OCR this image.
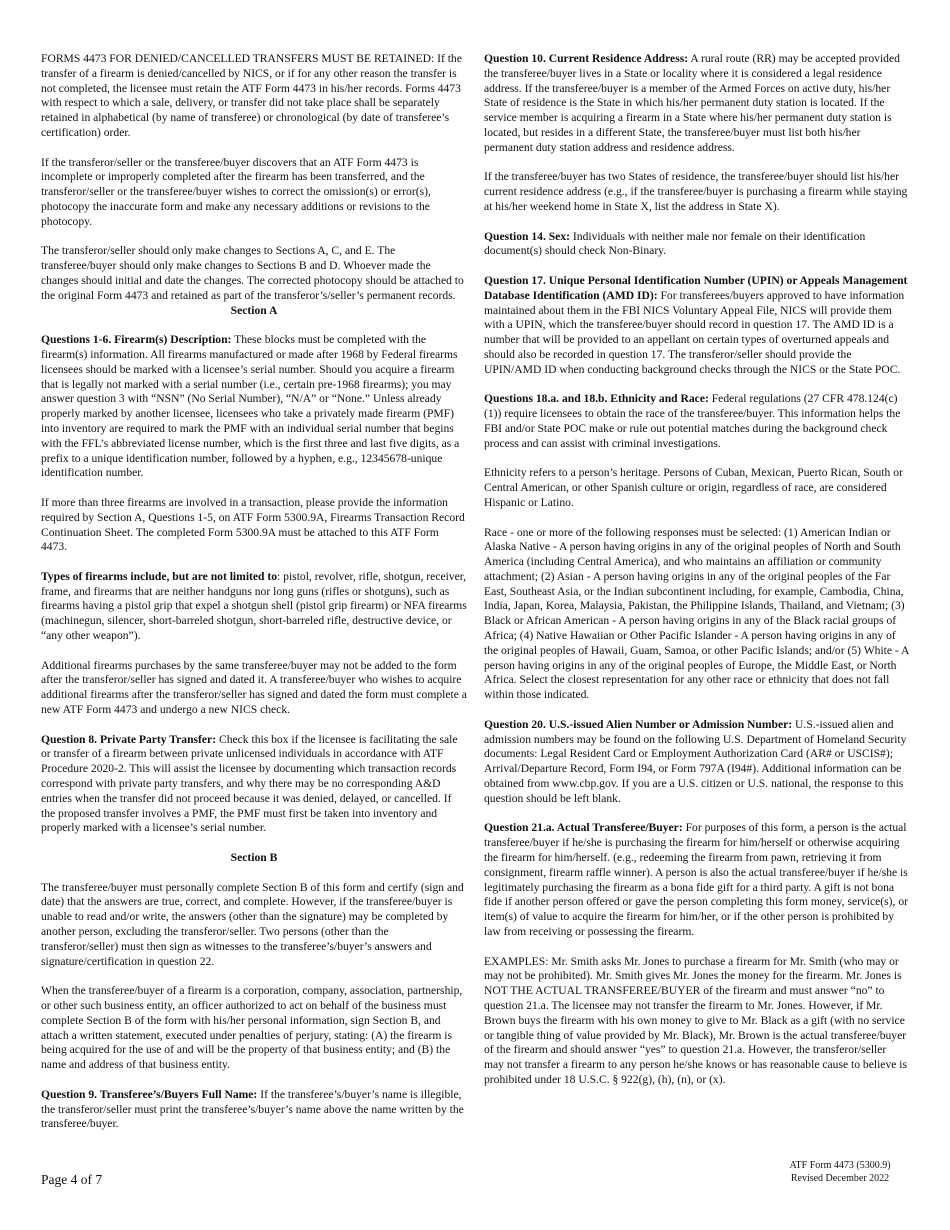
FORMS 4473 FOR DENIED/CANCELLED TRANSFERS MUST BE RETAINED: If the transfer of a firearm is denied/cancelled by NICS, or if for any other reason the transfer is not completed, the licensee must retain the ATF Form 4473 in his/her records. Forms 4473 with respect to which a sale, delivery, or transfer did not take place shall be separately retained in alphabetical (by name of transferee) or chronological (by date of transferee’s certification) order.

If the transferor/seller or the transferee/buyer discovers that an ATF Form 4473 is incomplete or improperly completed after the firearm has been transferred, and the transferor/seller or the transferee/buyer wishes to correct the omission(s) or error(s), photocopy the inaccurate form and make any necessary additions or revisions to the photocopy.

The transferor/seller should only make changes to Sections A, C, and E. The transferee/buyer should only make changes to Sections B and D. Whoever made the changes should initial and date the changes. The corrected photocopy should be attached to the original Form 4473 and retained as part of the transferor’s/seller’s permanent records.

Section A

Questions 1-6. Firearm(s) Description: These blocks must be completed with the firearm(s) information. All firearms manufactured or made after 1968 by Federal firearms licensees should be marked with a licensee’s serial number. Should you acquire a firearm that is legally not marked with a serial number (i.e., certain pre-1968 firearms); you may answer question 3 with “NSN” (No Serial Number), “N/A” or “None.” Unless already properly marked by another licensee, licensees who take a privately made firearm (PMF) into inventory are required to mark the PMF with an individual serial number that begins with the FFL’s abbreviated license number, which is the first three and last five digits, as a prefix to a unique identification number, followed by a hyphen, e.g., 12345678-unique identification number.

If more than three firearms are involved in a transaction, please provide the information required by Section A, Questions 1-5, on ATF Form 5300.9A, Firearms Transaction Record Continuation Sheet. The completed Form 5300.9A must be attached to this ATF Form 4473.

Types of firearms include, but are not limited to: pistol, revolver, rifle, shotgun, receiver, frame, and firearms that are neither handguns nor long guns (rifles or shotguns), such as firearms having a pistol grip that expel a shotgun shell (pistol grip firearm) or NFA firearms (machinegun, silencer, short-barreled shotgun, short-barreled rifle, destructive device, or “any other weapon”).

Additional firearms purchases by the same transferee/buyer may not be added to the form after the transferor/seller has signed and dated it. A transferee/buyer who wishes to acquire additional firearms after the transferor/seller has signed and dated the form must complete a new ATF Form 4473 and undergo a new NICS check.

Question 8. Private Party Transfer: Check this box if the licensee is facilitating the sale or transfer of a firearm between private unlicensed individuals in accordance with ATF Procedure 2020-2. This will assist the licensee by documenting which transaction records correspond with private party transfers, and why there may be no corresponding A&D entries when the transfer did not proceed because it was denied, delayed, or cancelled. If the proposed transfer involves a PMF, the PMF must first be taken into inventory and properly marked with a licensee’s serial number.

Section B

The transferee/buyer must personally complete Section B of this form and certify (sign and date) that the answers are true, correct, and complete. However, if the transferee/buyer is unable to read and/or write, the answers (other than the signature) may be completed by another person, excluding the transferor/seller. Two persons (other than the transferor/seller) must then sign as witnesses to the transferee’s/buyer’s answers and signature/certification in question 22.

When the transferee/buyer of a firearm is a corporation, company, association, partnership, or other such business entity, an officer authorized to act on behalf of the business must complete Section B of the form with his/her personal information, sign Section B, and attach a written statement, executed under penalties of perjury, stating: (A) the firearm is being acquired for the use of and will be the property of that business entity; and (B) the name and address of that business entity.

Question 9. Transferee’s/Buyers Full Name: If the transferee’s/buyer’s name is illegible, the transferor/seller must print the transferee’s/buyer’s name above the name written by the transferee/buyer.

Question 10. Current Residence Address: A rural route (RR) may be accepted provided the transferee/buyer lives in a State or locality where it is considered a legal residence address. If the transferee/buyer is a member of the Armed Forces on active duty, his/her State of residence is the State in which his/her permanent duty station is located. If the service member is acquiring a firearm in a State where his/her permanent duty station is located, but resides in a different State, the transferee/buyer must list both his/her permanent duty station address and residence address.

If the transferee/buyer has two States of residence, the transferee/buyer should list his/her current residence address (e.g., if the transferee/buyer is purchasing a firearm while staying at his/her weekend home in State X, list the address in State X).

Question 14. Sex: Individuals with neither male nor female on their identification document(s) should check Non-Binary.

Question 17. Unique Personal Identification Number (UPIN) or Appeals Management Database Identification (AMD ID): For transferees/buyers approved to have information maintained about them in the FBI NICS Voluntary Appeal File, NICS will provide them with a UPIN, which the transferee/buyer should record in question 17. The AMD ID is a number that will be provided to an appellant on certain types of overturned appeals and should also be recorded in question 17. The transferor/seller should provide the UPIN/AMD ID when conducting background checks through the NICS or the State POC.

Questions 18.a. and 18.b. Ethnicity and Race: Federal regulations (27 CFR 478.124(c)(1)) require licensees to obtain the race of the transferee/buyer. This information helps the FBI and/or State POC make or rule out potential matches during the background check process and can assist with criminal investigations.

Ethnicity refers to a person’s heritage. Persons of Cuban, Mexican, Puerto Rican, South or Central American, or other Spanish culture or origin, regardless of race, are considered Hispanic or Latino.

Race - one or more of the following responses must be selected: (1) American Indian or Alaska Native - A person having origins in any of the original peoples of North and South America (including Central America), and who maintains an affiliation or community attachment; (2) Asian - A person having origins in any of the original peoples of the Far East, Southeast Asia, or the Indian subcontinent including, for example, Cambodia, China, India, Japan, Korea, Malaysia, Pakistan, the Philippine Islands, Thailand, and Vietnam; (3) Black or African American - A person having origins in any of the Black racial groups of Africa; (4) Native Hawaiian or Other Pacific Islander - A person having origins in any of the original peoples of Hawaii, Guam, Samoa, or other Pacific Islands; and/or (5) White - A person having origins in any of the original peoples of Europe, the Middle East, or North Africa. Select the closest representation for any other race or ethnicity that does not fall within those indicated.

Question 20. U.S.-issued Alien Number or Admission Number: U.S.-issued alien and admission numbers may be found on the following U.S. Department of Homeland Security documents: Legal Resident Card or Employment Authorization Card (AR# or USCIS#); Arrival/Departure Record, Form I94, or Form 797A (I94#). Additional information can be obtained from www.cbp.gov. If you are a U.S. citizen or U.S. national, the response to this question should be left blank.

Question 21.a. Actual Transferee/Buyer: For purposes of this form, a person is the actual transferee/buyer if he/she is purchasing the firearm for him/herself or otherwise acquiring the firearm for him/herself. (e.g., redeeming the firearm from pawn, retrieving it from consignment, firearm raffle winner). A person is also the actual transferee/buyer if he/she is legitimately purchasing the firearm as a bona fide gift for a third party. A gift is not bona fide if another person offered or gave the person completing this form money, service(s), or item(s) of value to acquire the firearm for him/her, or if the other person is prohibited by law from receiving or possessing the firearm.

EXAMPLES: Mr. Smith asks Mr. Jones to purchase a firearm for Mr. Smith (who may or may not be prohibited). Mr. Smith gives Mr. Jones the money for the firearm. Mr. Jones is NOT THE ACTUAL TRANSFEREE/BUYER of the firearm and must answer “no” to question 21.a. The licensee may not transfer the firearm to Mr. Jones. However, if Mr. Brown buys the firearm with his own money to give to Mr. Black as a gift (with no service or tangible thing of value provided by Mr. Black), Mr. Brown is the actual transferee/buyer of the firearm and should answer “yes” to question 21.a. However, the transferor/seller may not transfer a firearm to any person he/she knows or has reasonable cause to believe is prohibited under 18 U.S.C. § 922(g), (h), (n), or (x).

Page 4 of 7
ATF Form 4473 (5300.9)
Revised December 2022
